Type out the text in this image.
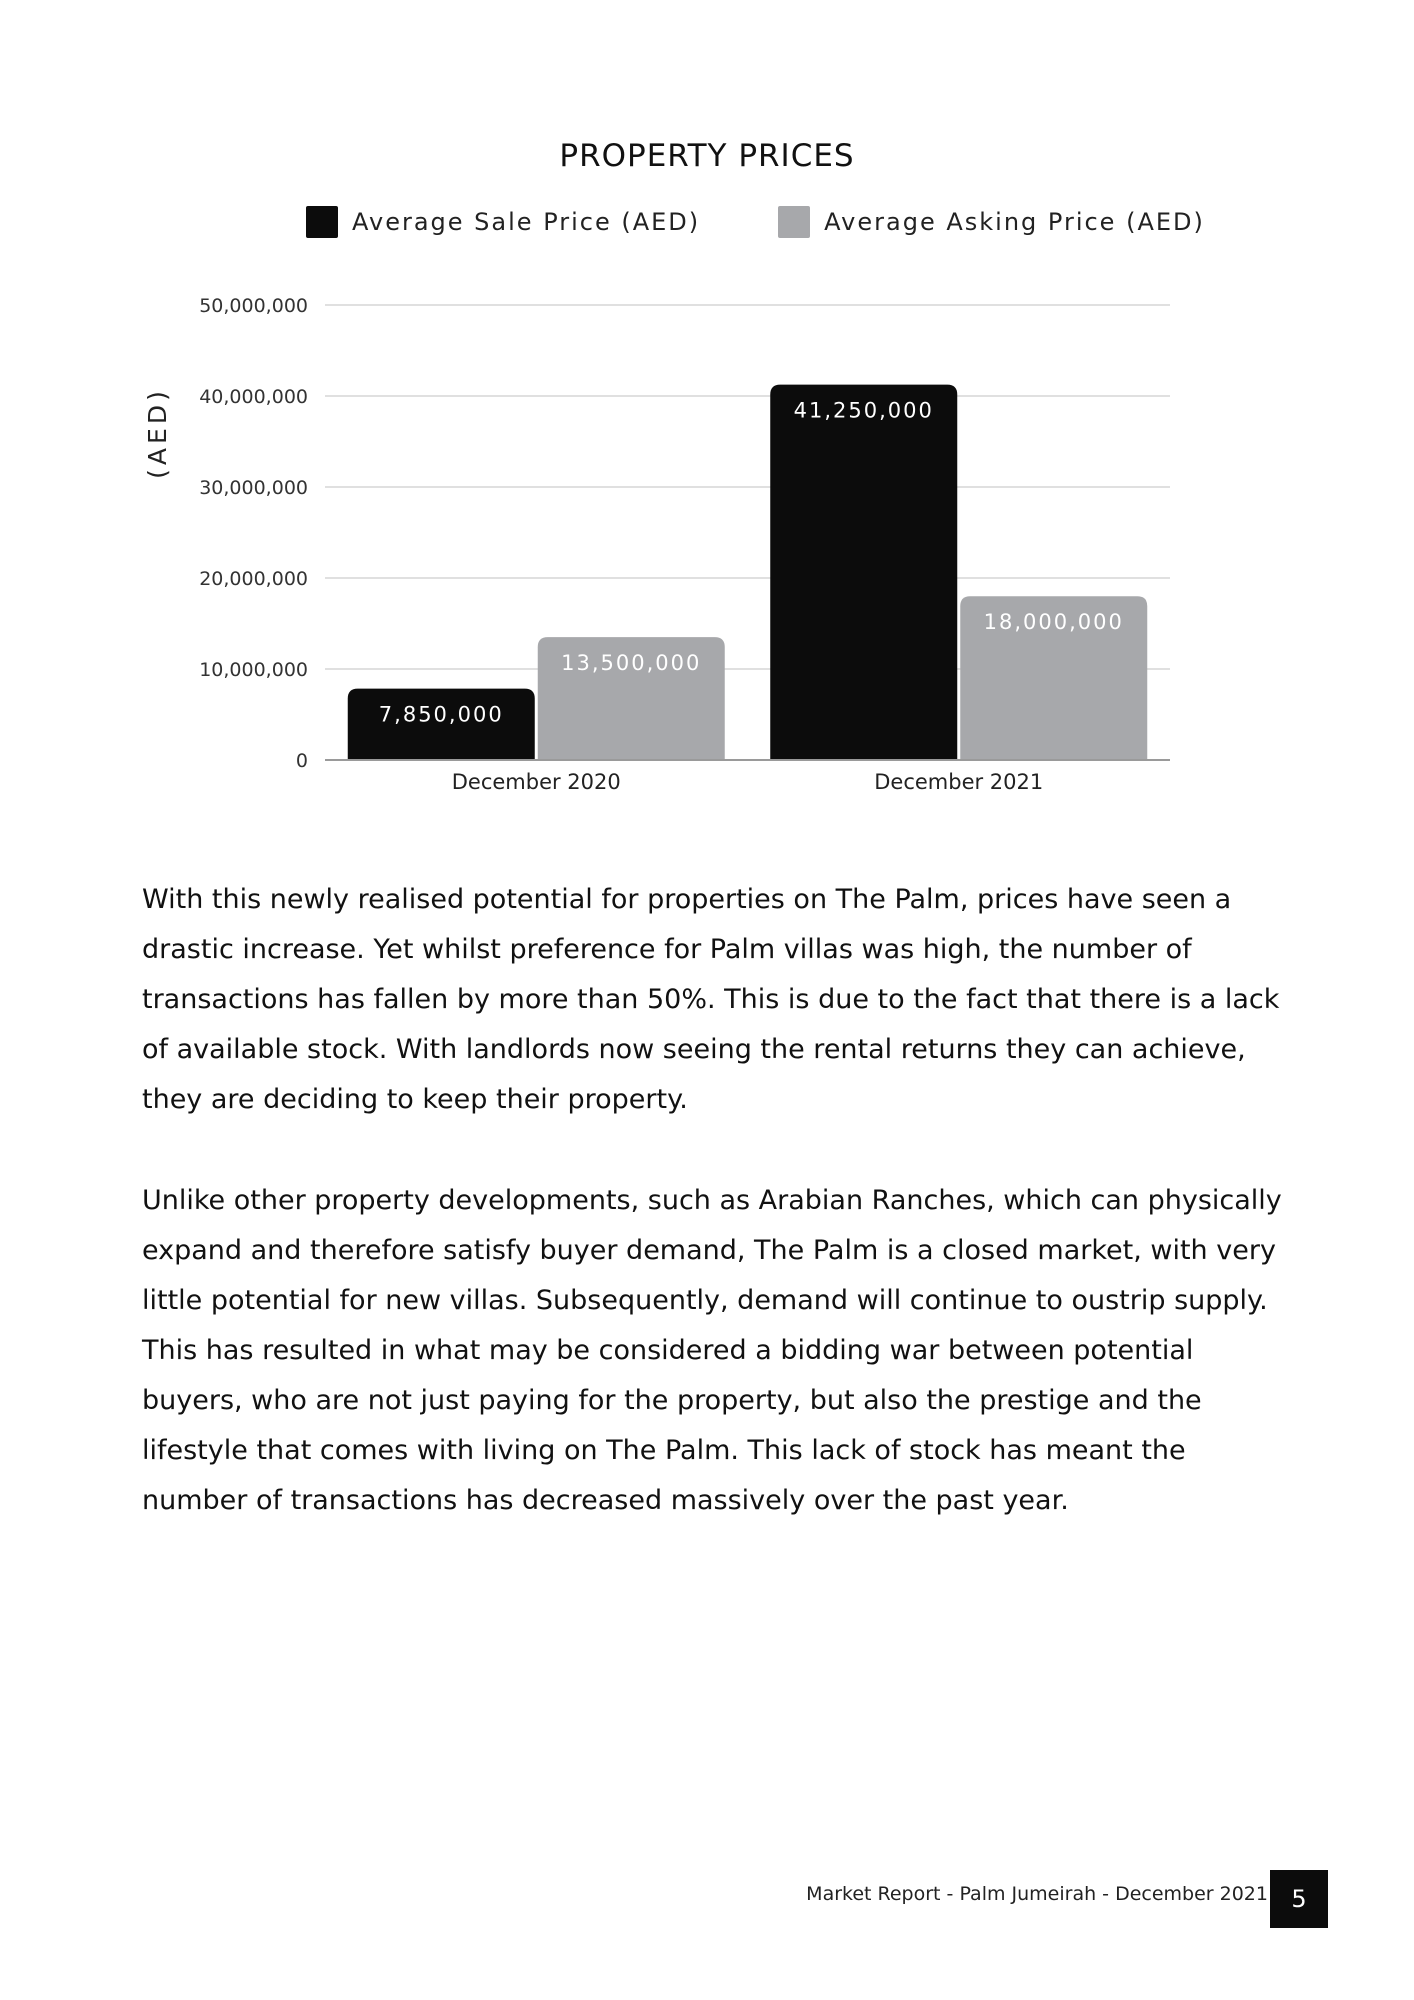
PROPERTY PRICES
Average Sale Price (AED)	Average Asking Price (AED)
0
10,000,000
20,000,000
30,000,000
40,000,000
50,000,000
(AED)
7,850,000
13,500,000
December 2020
41,250,000
18,000,000
December 2021

With this newly realised potential for properties on The Palm, prices have seen a drastic increase. Yet whilst preference for Palm villas was high, the number of transactions has fallen by more than 50%. This is due to the fact that there is a lack of available stock. With landlords now seeing the rental returns they can achieve, they are deciding to keep their property.

Unlike other property developments, such as Arabian Ranches, which can physically expand and therefore satisfy buyer demand, The Palm is a closed market, with very little potential for new villas. Subsequently, demand will continue to oustrip supply. This has resulted in what may be considered a bidding war between potential buyers, who are not just paying for the property, but also the prestige and the lifestyle that comes with living on The Palm. This lack of stock has meant the number of transactions has decreased massively over the past year.

Market Report - Palm Jumeirah - December 2021 5
